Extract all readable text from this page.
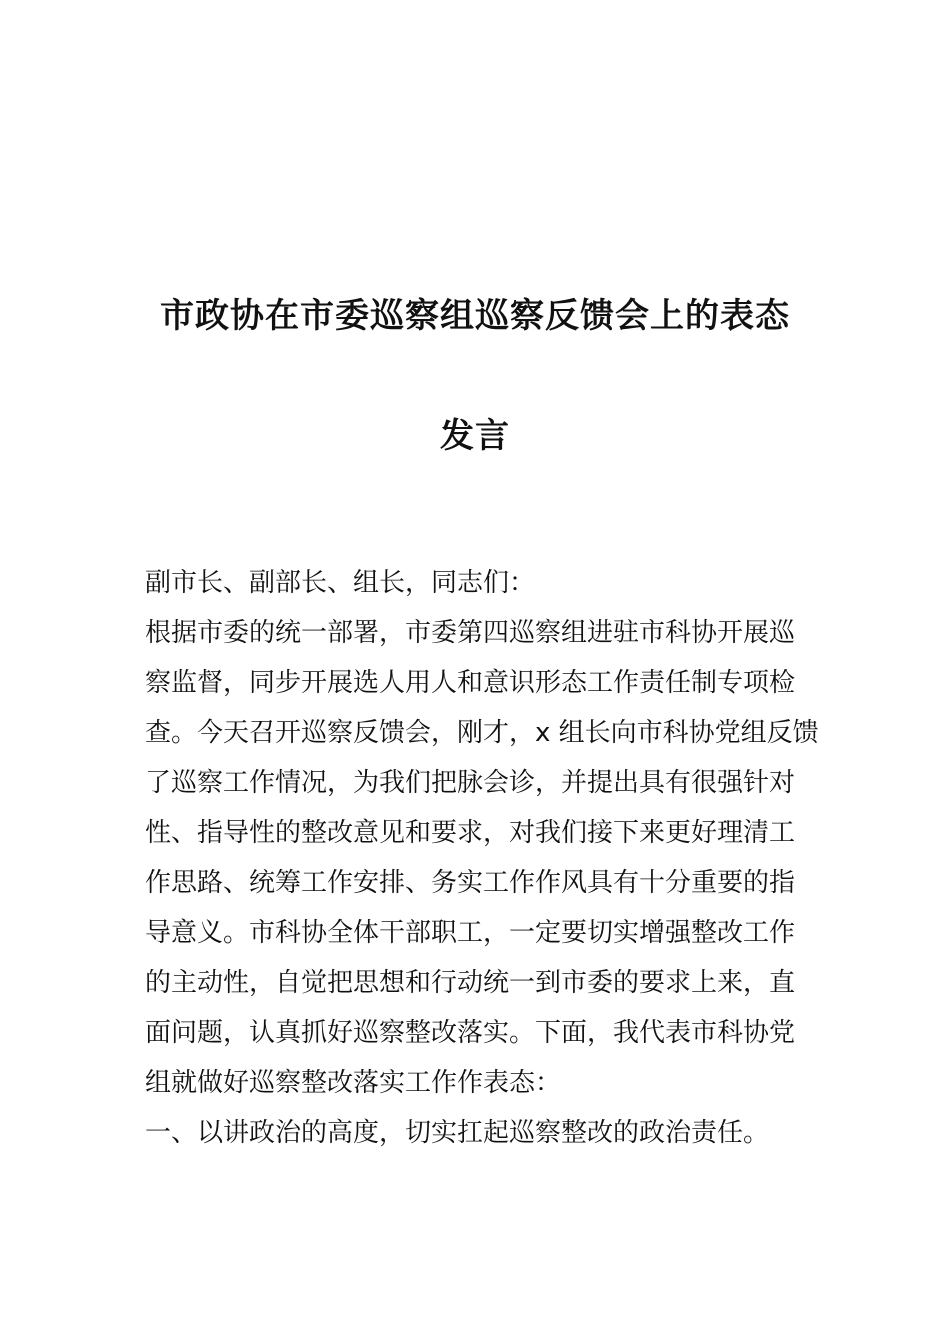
市政协在市委巡察组巡察反馈会上的表态
发言

副市长、副部长、组长，同志们：

根据市委的统一部署，市委第四巡察组进驻市科协开展巡

察监督，同步开展选人用人和意识形态工作责任制专项检

查。今天召开巡察反馈会，刚才，x 组长向市科协党组反馈

了巡察工作情况，为我们把脉会诊，并提出具有很强针对

性、指导性的整改意见和要求，对我们接下来更好理清工

作思路、统筹工作安排、务实工作作风具有十分重要的指

导意义。市科协全体干部职工，一定要切实增强整改工作

的主动性，自觉把思想和行动统一到市委的要求上来，直

面问题，认真抓好巡察整改落实。下面，我代表市科协党

组就做好巡察整改落实工作作表态：

一、以讲政治的高度，切实扛起巡察整改的政治责任。
